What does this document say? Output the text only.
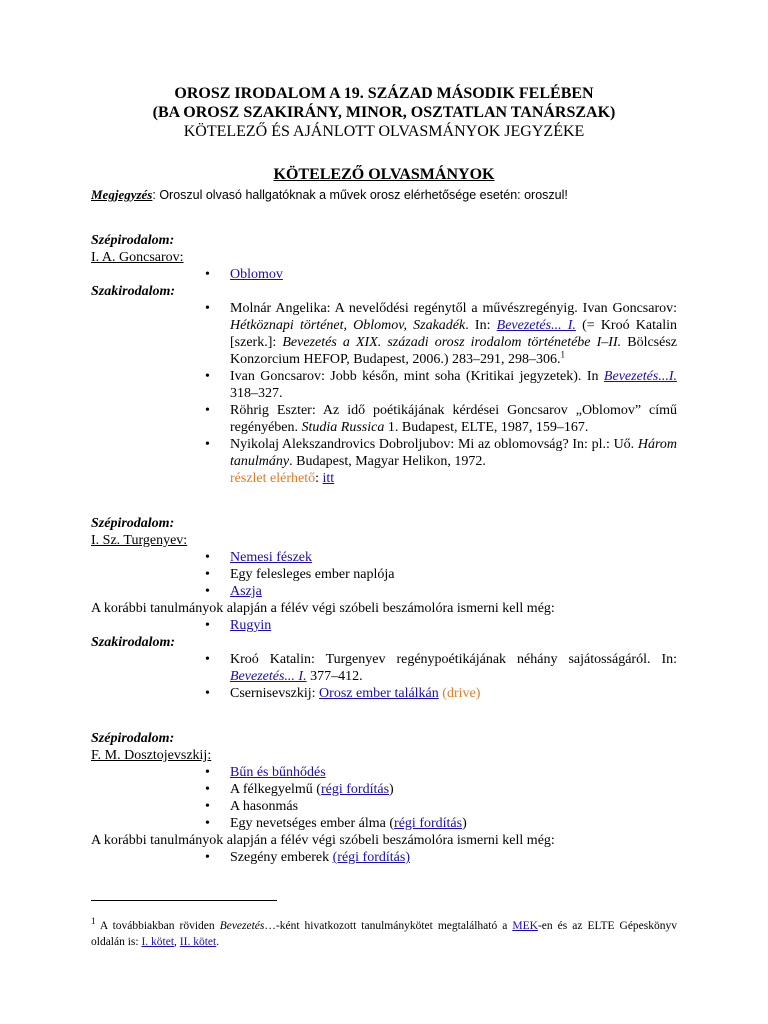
OROSZ IRODALOM A 19. SZÁZAD MÁSODIK FELÉBEN

(BA OROSZ SZAKIRÁNY, MINOR, OSZTATLAN TANÁRSZAK)

KÖTELEZŐ ÉS AJÁNLOTT OLVASMÁNYOK JEGYZÉKE

KÖTELEZŐ OLVASMÁNYOK

Megjegyzés: Oroszul olvasó hallgatóknak a művek orosz elérhetősége esetén: oroszul!

Szépirodalom:

I. A. Goncsarov:

• Oblomov

Szakirodalom:

• Molnár Angelika: A nevelődési regénytől a művészregényig. Ivan Goncsarov: Hétköznapi történet, Oblomov, Szakadék. In: Bevezetés... I. (= Kroó Katalin [szerk.]: Bevezetés a XIX. századi orosz irodalom történetébe I–II. Bölcsész Konzorcium HEFOP, Budapest, 2006.) 283–291, 298–306.$^1$
• Ivan Goncsarov: Jobb későn, mint soha (Kritikai jegyzetek). In Bevezetés...I. 318–327.
• Röhrig Eszter: Az idő poétikájának kérdései Goncsarov „Oblomov” című regényében. Studia Russica 1. Budapest, ELTE, 1987, 159–167.
• Nyikolaj Alekszandrovics Dobroljubov: Mi az oblomovság? In: pl.: Uő. Három tanulmány. Budapest, Magyar Helikon, 1972.

részlet elérhető: itt

Szépirodalom:

I. Sz. Turgenyev:

• Nemesi fészek
• Egy felesleges ember naplója
• Aszja

A korábbi tanulmányok alapján a félév végi szóbeli beszámolóra ismerni kell még:

• Rugyin

Szakirodalom:

• Kroó Katalin: Turgenyev regénypoétikájának néhány sajátosságáról. In: Bevezetés... I. 377–412.
• Csernisevszkij: Orosz ember találkán (drive)

Szépirodalom:

F. M. Dosztojevszkij:

• Bűn és bűnhődés
• A félkegyelmű (régi fordítás)
• A hasonmás
• Egy nevetséges ember álma (régi fordítás)

A korábbi tanulmányok alapján a félév végi szóbeli beszámolóra ismerni kell még:

• Szegény emberek (régi fordítás)

$^1$ A továbbiakban röviden Bevezetés…-ként hivatkozott tanulmánykötet megtalálható a MEK-en és az ELTE Gépeskönyv oldalán is: I. kötet, II. kötet.
